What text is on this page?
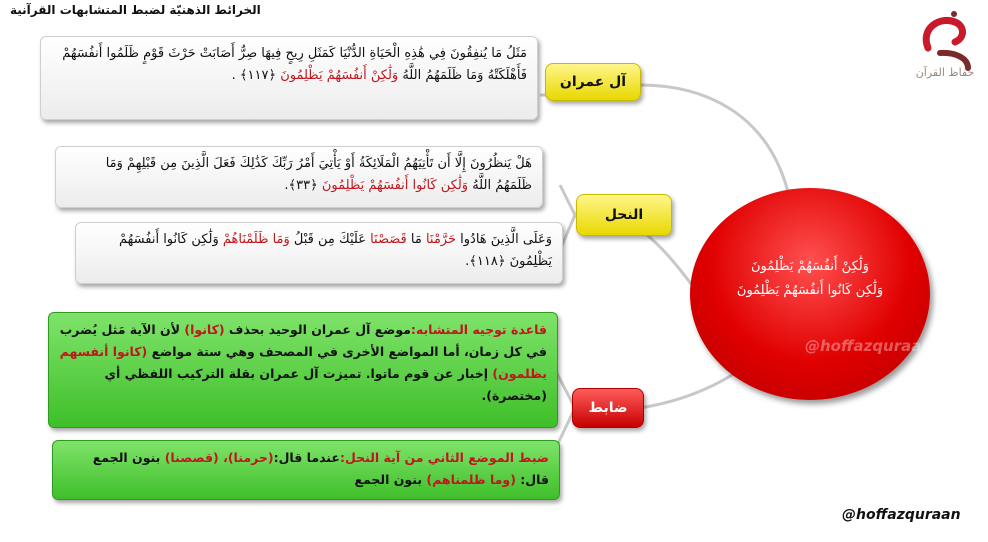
الخرائط الذهنيّة لضبط المتشابهات القرآنية
حفاظ القرآن
مَثَلُ مَا يُنفِقُونَ فِي هَٰذِهِ الْحَيَاةِ الدُّنْيَا كَمَثَلِ رِيحٍ فِيهَا صِرٌّ أَصَابَتْ حَرْثَ قَوْمٍ ظَلَمُوا أَنفُسَهُمْ فَأَهْلَكَتْهُ وَمَا ظَلَمَهُمُ اللَّهُ وَلَٰكِنْ أَنفُسَهُمْ يَظْلِمُونَ ﴿١١٧﴾ .	آل عمران
هَلْ يَنظُرُونَ إِلَّا أَن تَأْتِيَهُمُ الْمَلَائِكَةُ أَوْ يَأْتِيَ أَمْرُ رَبِّكَ كَذَٰلِكَ فَعَلَ الَّذِينَ مِن قَبْلِهِمْ وَمَا ظَلَمَهُمُ اللَّهُ وَلَٰكِن كَانُوا أَنفُسَهُمْ يَظْلِمُونَ ﴿٣٣﴾.
النحل
وَعَلَى الَّذِينَ هَادُوا حَرَّمْنَا مَا قَصَصْنَا عَلَيْكَ مِن قَبْلُ وَمَا ظَلَمْنَاهُمْ وَلَٰكِن كَانُوا أَنفُسَهُمْ يَظْلِمُونَ ﴿١١٨﴾.
قاعدة توجيه المتشابه:موضع آل عمران الوحيد بحذف (كانوا) لأن الآية مَثل يُضرب في كل زمان، أما المواضع الأخرى في المصحف وهي ستة مواضع (كانوا أنفسهم يظلمون) إخبار عن قوم ماتوا. تميزت آل عمران بقلة التركيب اللفظي أي (مختصرة).
ضابط
ضبط الموضع الثاني من آية النحل:عندما قال:(حرمنا)، (قصصنا) بنون الجمع قال: (وما ظلمناهم) بنون الجمع
وَلَٰكِنْ أَنفُسَهُمْ يَظْلِمُونَ
وَلَٰكِن كَانُوا أَنفُسَهُمْ يَظْلِمُونَ
@hoffazquraan
@hoffazquraan
